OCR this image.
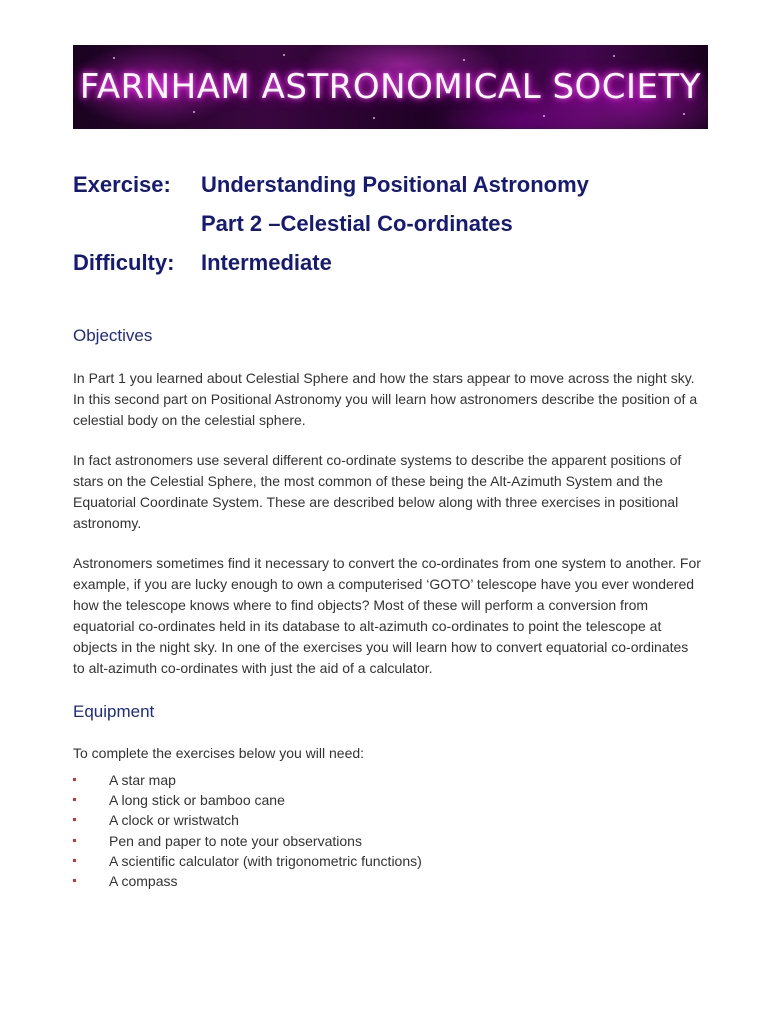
FARNHAM ASTRONOMICAL SOCIETY
Exercise: Understanding Positional Astronomy
Part 2 –Celestial Co-ordinates
Difficulty: Intermediate
Objectives

In Part 1 you learned about Celestial Sphere and how the stars appear to move across the night sky. In this second part on Positional Astronomy you will learn how astronomers describe the position of a celestial body on the celestial sphere.

In fact astronomers use several different co-ordinate systems to describe the apparent positions of stars on the Celestial Sphere, the most common of these being the Alt-Azimuth System and the Equatorial Coordinate System. These are described below along with three exercises in positional astronomy.

Astronomers sometimes find it necessary to convert the co-ordinates from one system to another. For example, if you are lucky enough to own a computerised ‘GOTO’ telescope have you ever wondered how the telescope knows where to find objects? Most of these will perform a conversion from equatorial co-ordinates held in its database to alt-azimuth co-ordinates to point the telescope at objects in the night sky. In one of the exercises you will learn how to convert equatorial co-ordinates to alt-azimuth co-ordinates with just the aid of a calculator.

Equipment

To complete the exercises below you will need:

A star map
A long stick or bamboo cane
A clock or wristwatch
Pen and paper to note your observations
A scientific calculator (with trigonometric functions)
A compass
